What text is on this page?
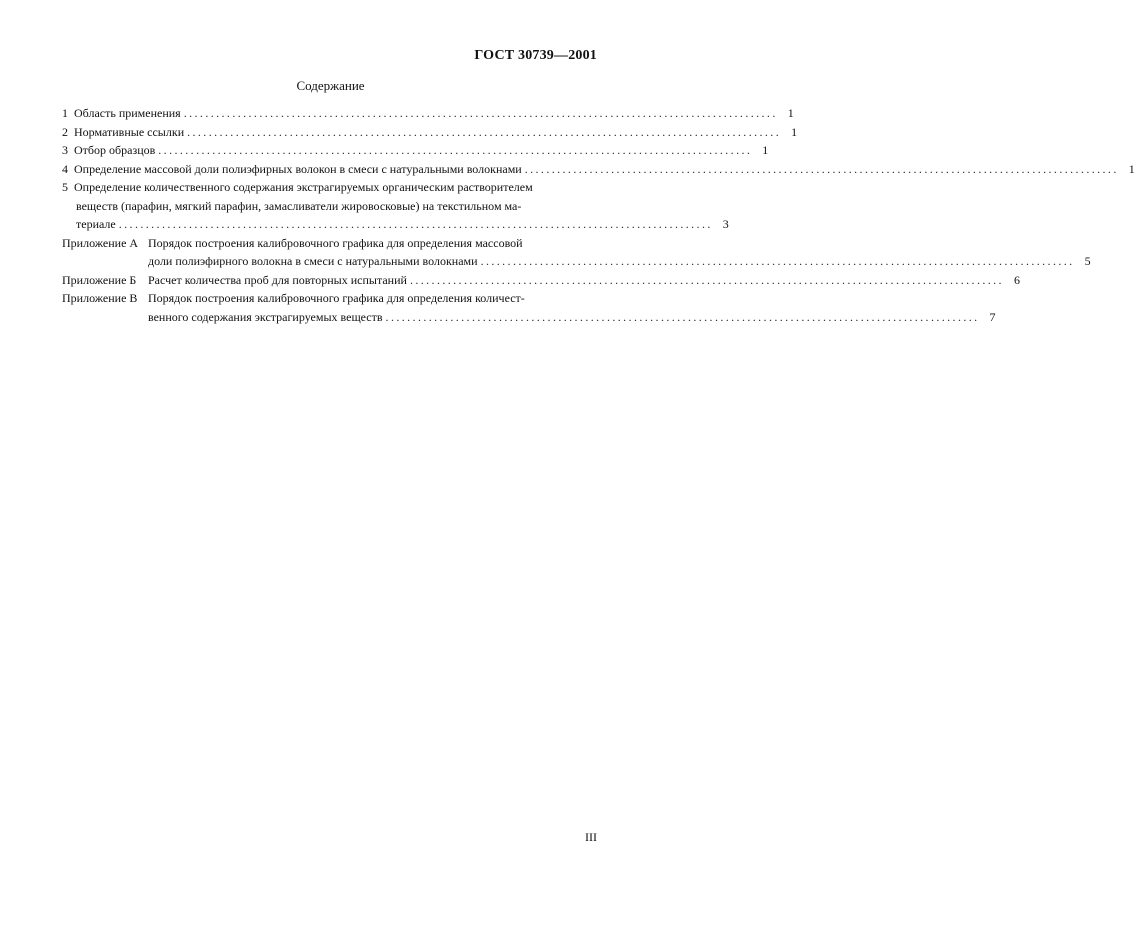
ГОСТ 30739—2001
Содержание
1 Область применения .............................................................................................................. 1
2 Нормативные ссылки .............................................................................................................. 1
3 Отбор образцов .............................................................................................................. 1
4 Определение массовой доли полиэфирных волокон в смеси с натуральными волокнами .............................................................................................................. 1
5 Определение количественного содержания экстрагируемых органическим растворителем
веществ (парафин, мягкий парафин, замасливатели жировосковые) на текстильном ма-
териале .............................................................................................................. 3
Приложение А Порядок построения калибровочного графика для определения массовой
доли полиэфирного волокна в смеси с натуральными волокнами .............................................................................................................. 5
Приложение Б Расчет количества проб для повторных испытаний .............................................................................................................. 6
Приложение В Порядок построения калибровочного графика для определения количест-
венного содержания экстрагируемых веществ .............................................................................................................. 7
III
